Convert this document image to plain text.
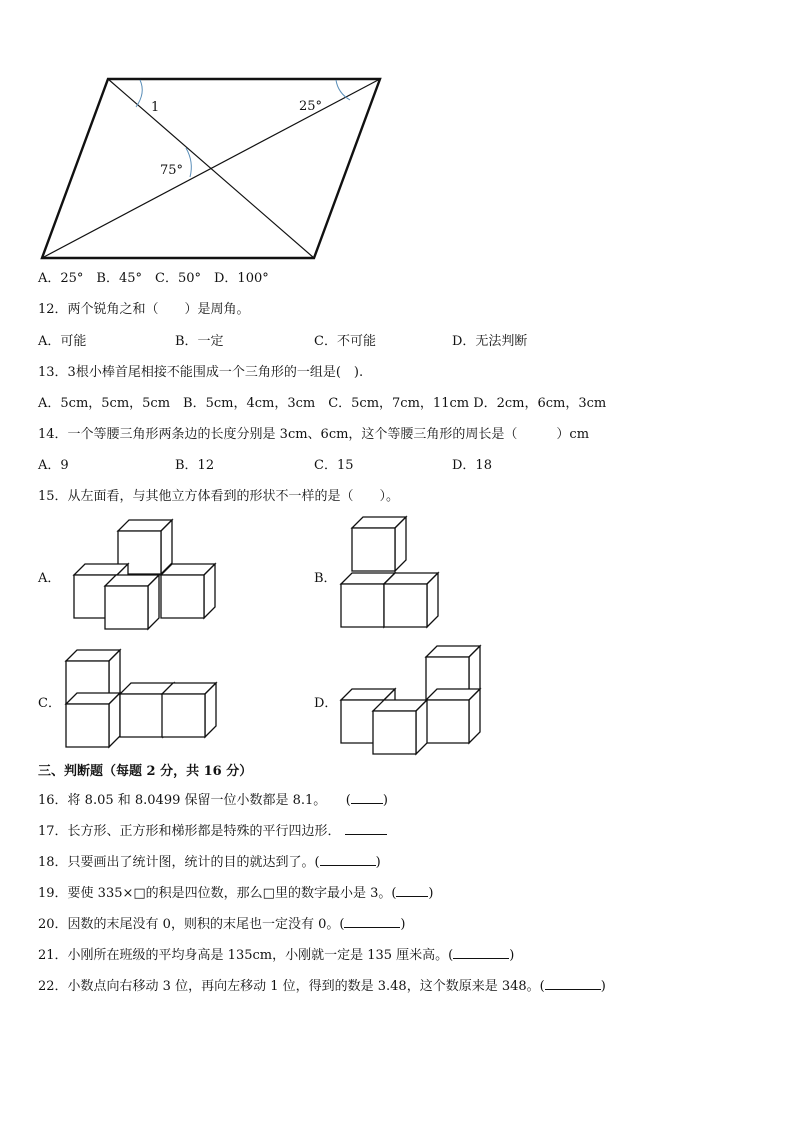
1	25°
75°
A．25°　B．45°　C．50°　D．100°
12．两个锐角之和（　　）是周角。
A．可能	B．一定	C．不可能	D．无法判断
13．3根小棒首尾相接不能围成一个三角形的一组是(　).
A．5cm，5cm，5cm　B．5cm，4cm，3cm　C．5cm，7cm，11cm D．2cm，6cm，3cm
14．一个等腰三角形两条边的长度分别是 3cm、6cm，这个等腰三角形的周长是（　　　）cm
A．9	B．12	C．15	D．18
15．从左面看，与其他立方体看到的形状不一样的是（　　）。
A．	B．
C．	D．
三、判断题（每题 2 分，共 16 分）
16．将 8.05 和 8.0499 保留一位小数都是 8.1。　　( )
17．长方形、正方形和梯形都是特殊的平行四边形．
18．只要画出了统计图，统计的目的就达到了。(	)
19．要使 335×□的积是四位数，那么□里的数字最小是 3。( )
20．因数的末尾没有 0，则积的末尾也一定没有 0。(	)
21．小刚所在班级的平均身高是 135cm，小刚就一定是 135 厘米高。(	)
22．小数点向右移动 3 位，再向左移动 1 位，得到的数是 3.48，这个数原来是 348。(	)
